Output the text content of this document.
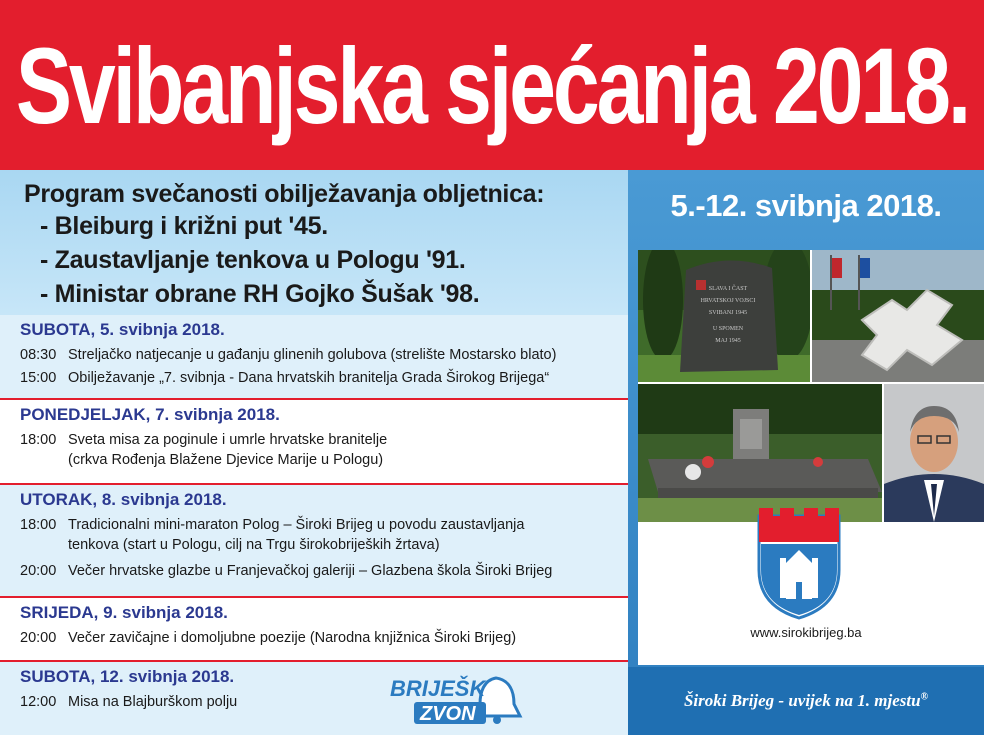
Svibanjska sjećanja 2018.
Program svečanosti obilježavanja obljetnica:
- Bleiburg i križni put '45.
- Zaustavljanje tenkova u Pologu '91.
- Ministar obrane RH Gojko Šušak '98.
SUBOTA, 5. svibnja 2018.
08:30 Streljačko natjecanje u gađanju glinenih golubova (strelište Mostarsko blato)
15:00 Obilježavanje „7. svibnja - Dana hrvatskih branitelja Grada Širokog Brijega“
PONEDJELJAK, 7. svibnja 2018.
18:00 Sveta misa za poginule i umrle hrvatske branitelje
(crkva Rođenja Blažene Djevice Marije u Pologu)
UTORAK, 8. svibnja 2018.
18:00 Tradicionalni mini-maraton Polog – Široki Brijeg u povodu zaustavljanja
tenkova (start u Pologu, cilj na Trgu širokobrijeških žrtava)
20:00 Večer hrvatske glazbe u Franjevačkoj galeriji – Glazbena škola Široki Brijeg
SRIJEDA, 9. svibnja 2018.
20:00 Večer zavičajne i domoljubne poezije (Narodna knjižnica Široki Brijeg)
SUBOTA, 12. svibnja 2018.
12:00 Misa na Blajburškom polju
BRIJEŠK
ZVON
5.-12. svibnja 2018.
SLAVA I ČAST
HRVATSKOJ VOJSCI
SVIBANJ 1945
U SPOMEN
MAJ 1945
www.sirokibrijeg.ba
Široki Brijeg - uvijek na 1. mjestu®
